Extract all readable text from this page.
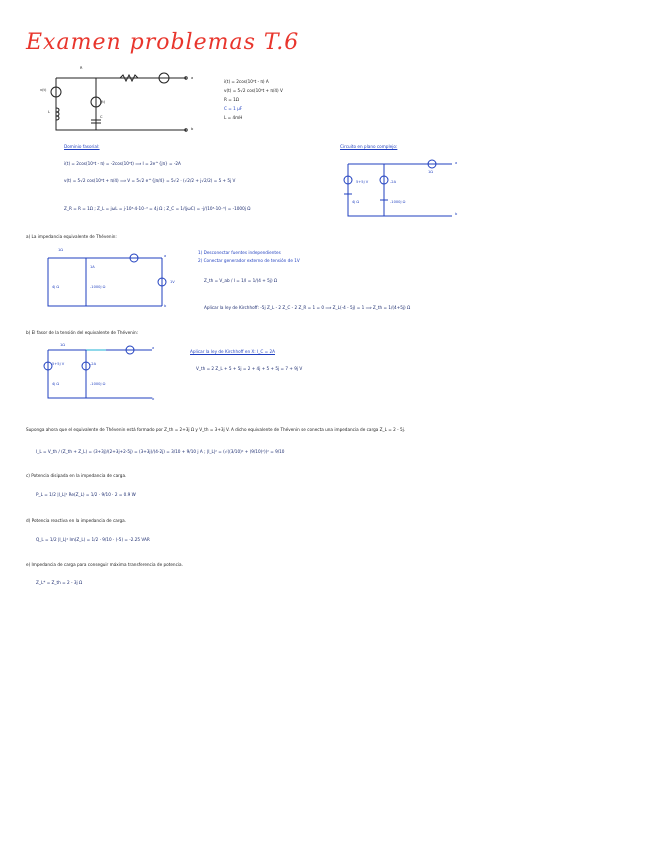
Examen problemas T.6
R
L
C
i(t)
v(t)
a
b
i(t) = 2cos(10³t - π) A
v(t) = 5√2 cos(10³t + π/4) V
R = 1Ω
C = 1 μF
L = 4mH
Dominio fasorial:	Circuito en plano complejo:
i(t) = 2cos(10³t - π) = -2cos(10³t) ⟹ I = 2e^{jπ} = -2A
v(t) = 5√2 cos(10³t + π/4) ⟹ V = 5√2 e^{jπ/4} = 5√2 · (√2/2 + j√2/2) = 5 + 5j V
Z_R = R = 1Ω ; Z_L = jωL = j·10³·4·10⁻³ = 4j Ω ; Z_C = 1/(jωC) = -j/(10³·10⁻⁶) = -1000j Ω
1Ω
-2A
5+5j V
4j Ω	-1000j Ω
a
b
a) La impedancia equivalente de Thévenin:
1Ω
4j Ω	-1000j Ω
1V
1A
a
b
1) Desconectar fuentes independientes
2) Conectar generador externo de tensión de 1V
Z_th = V_ab / I = 1/I = 1/(4 + 5j) Ω
Aplicar la ley de Kirchhoff: -5j Z_L - 2 Z_C - 2 Z_R = 1 = 0 ⟹ Z_L(-4 - 5j) = 1 ⟹ Z_th = 1/(4+5j) Ω
b) El fasor de la tensión del equivalente de Thévenin:
1Ω
-2A
5+5j V
4j Ω	-1000j Ω
a
b
Aplicar la ley de Kirchhoff en X: I_C = 2A
V_th = 2 Z_L + 5 + 5j = 2 + 4j + 5 + 5j = 7 + 9j V
Suponga ahora que el equivalente de Thévenin está formado por Z_th = 2+3j Ω y V_th = 3+3j V. A dicho equivalente de Thévenin se conecta una impedancia de carga Z_L = 2 - 5j.
I_L = V_th / (Z_th + Z_L) = (3+3j)/(2+3j+2-5j) = (3+3j)/(4-2j) = 3/10 + 9/10 j A ; |I_L|² = (√((3/10)² + (9/10)²))² = 9/10
c) Potencia disipada en la impedancia de carga.
P_L = 1/2 |I_L|² Re(Z_L) = 1/2 · 9/10 · 2 = 0.9 W
d) Potencia reactiva en la impedancia de carga.
Q_L = 1/2 |I_L|² Im(Z_L) = 1/2 · 9/10 · (-5) = -2.25 VAR
e) Impedancia de carga para conseguir máxima transferencia de potencia.
Z_L* = Z_th = 2 - 3j Ω
